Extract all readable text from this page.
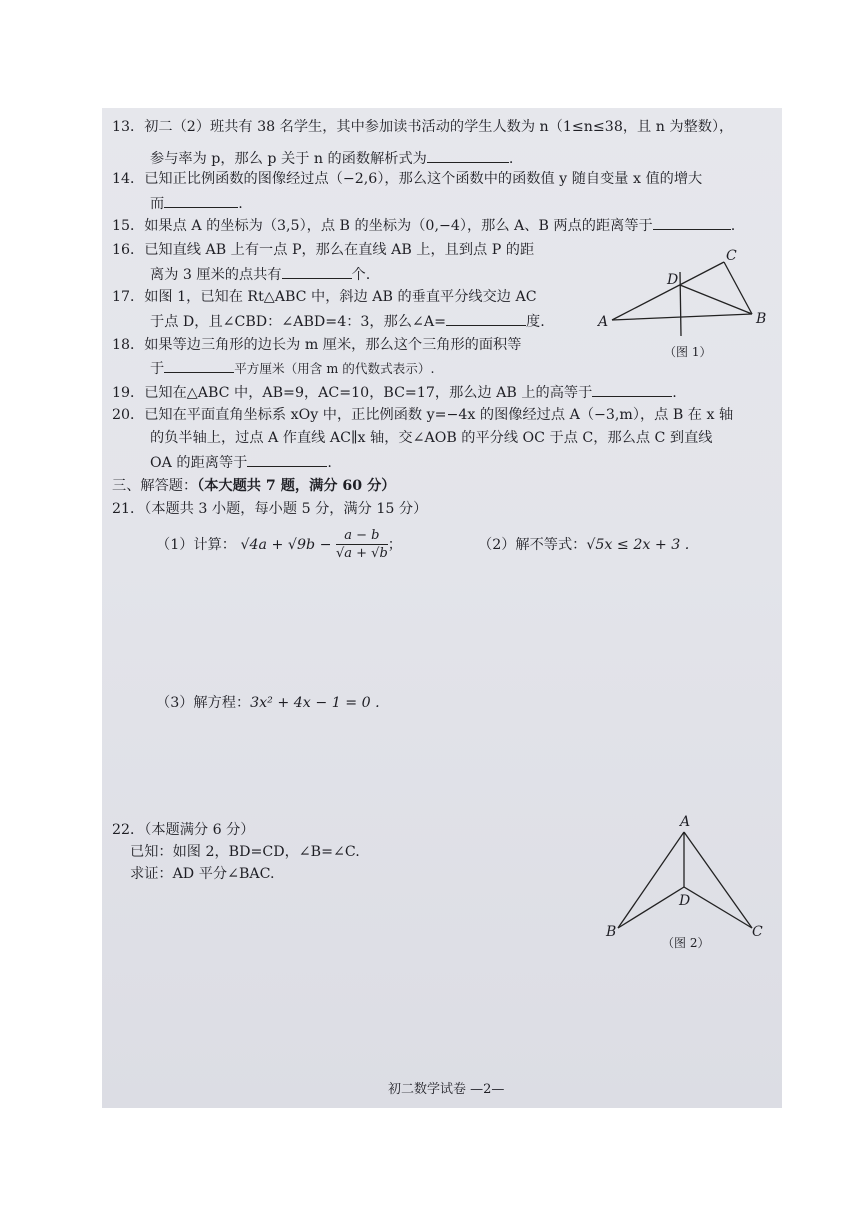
13．初二（2）班共有 38 名学生，其中参加读书活动的学生人数为 n（1≤n≤38，且 n 为整数），
参与率为 p，那么 p 关于 n 的函数解析式为	.
14．已知正比例函数的图像经过点（−2,6），那么这个函数中的函数值 y 随自变量 x 值的增大
而	.
15．如果点 A 的坐标为（3,5），点 B 的坐标为（0,−4），那么 A、B 两点的距离等于	.
16．已知直线 AB 上有一点 P，那么在直线 AB 上，且到点 P 的距
离为 3 厘米的点共有	个.
17．如图 1，已知在 Rt△ABC 中，斜边 AB 的垂直平分线交边 AC
于点 D，且∠CBD：∠ABD=4：3，那么∠A=	度.
18．如果等边三角形的边长为 m 厘米，那么这个三角形的面积等
于	平方厘米（用含 m 的代数式表示）.
A	B
C
D
（图 1）
19．已知在△ABC 中，AB=9，AC=10，BC=17，那么边 AB 上的高等于	.
20．已知在平面直角坐标系 xOy 中，正比例函数 y=−4x 的图像经过点 A（−3,m），点 B 在 x 轴
的负半轴上，过点 A 作直线 AC∥x 轴，交∠AOB 的平分线 OC 于点 C，那么点 C 到直线
OA 的距离等于	.
三、解答题：（本大题共 7 题，满分 60 分）
21．（本题共 3 小题，每小题 5 分，满分 15 分）
（1）计算： $√4a + √9b - \frac{a - b}{√a + √b}$ ；	（2）解不等式：√5x ≤ 2x + 3 .
（3）解方程：3x² + 4x − 1 = 0 .
22．（本题满分 6 分）
已知：如图 2，BD=CD，∠B=∠C.
求证：AD 平分∠BAC.
A
B	C
D
（图 2）
初二数学试卷 —2—
